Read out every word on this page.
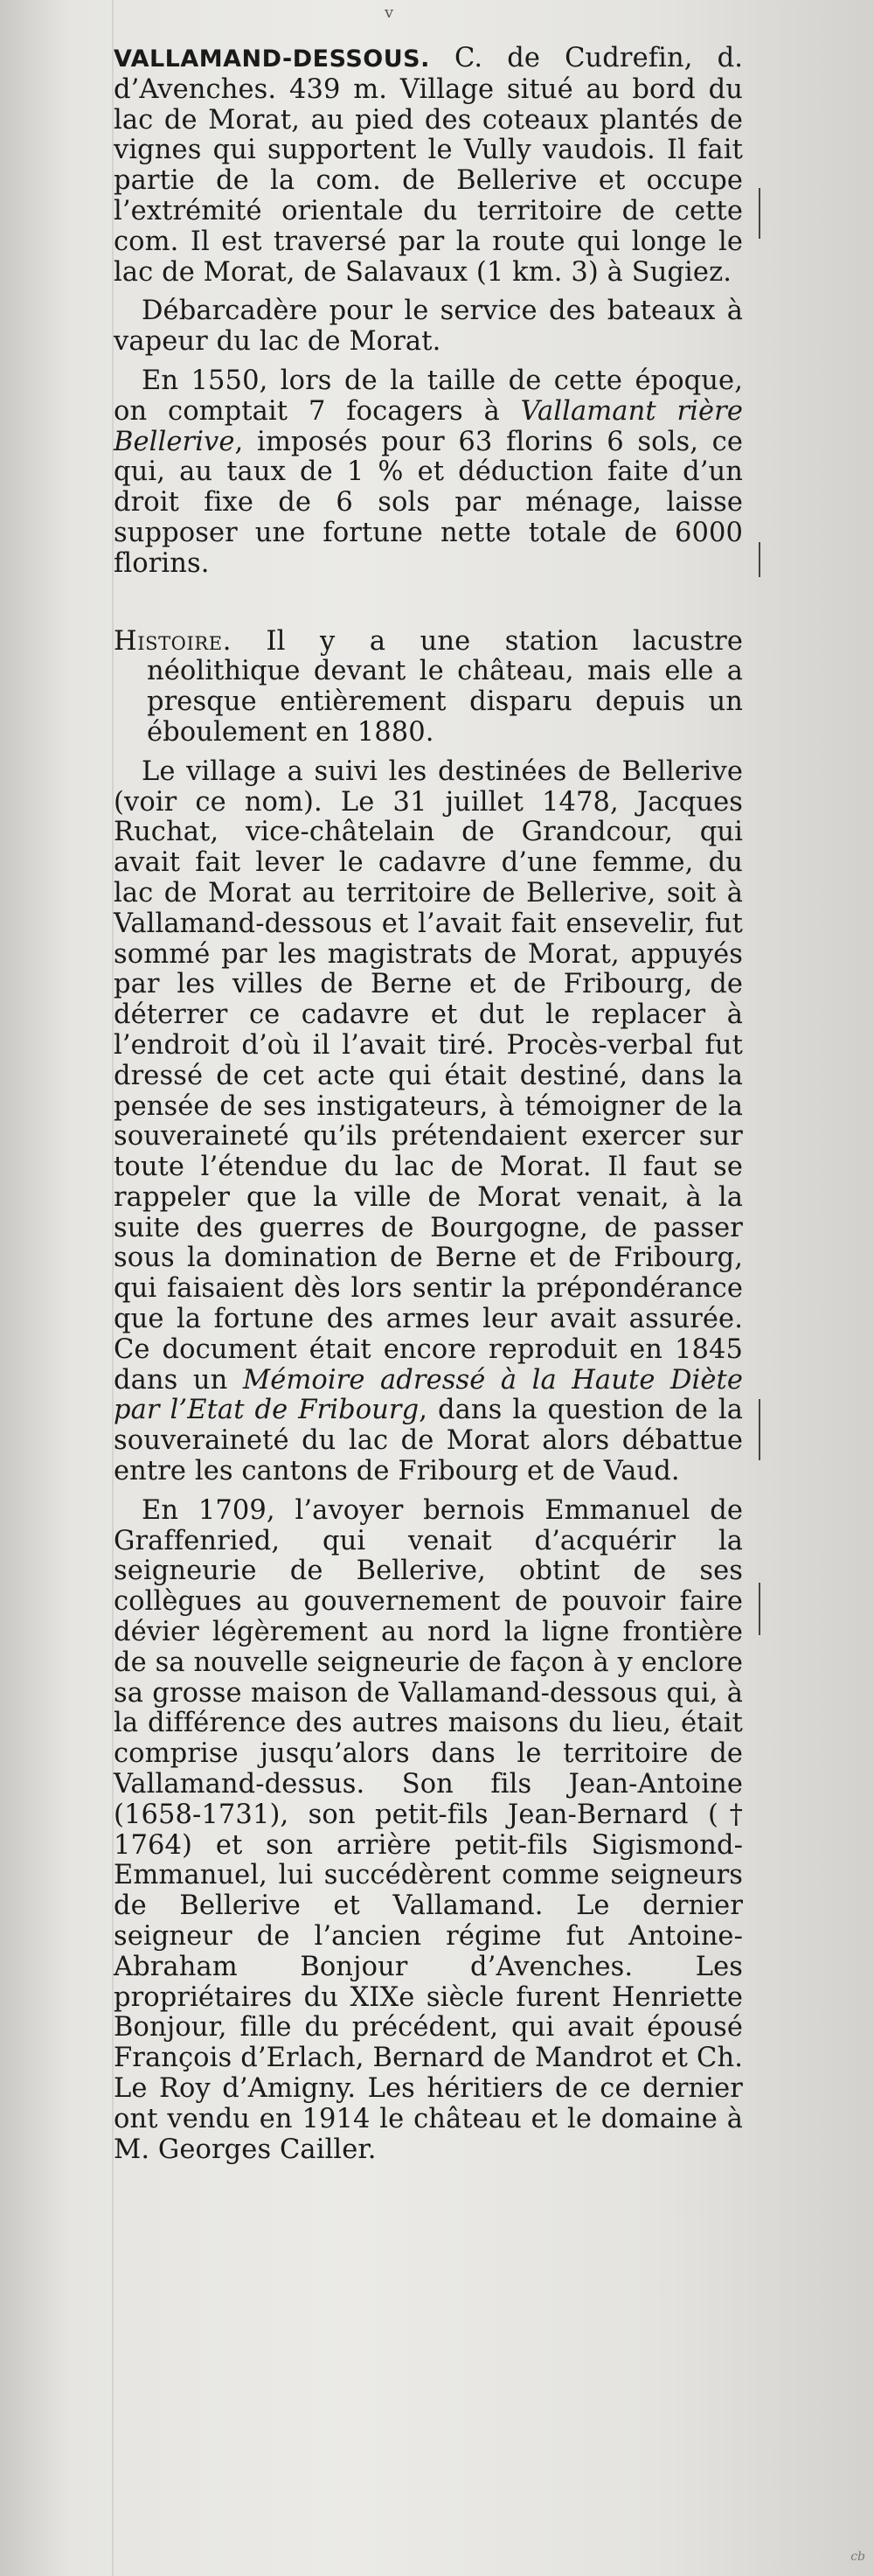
v

VALLAMAND-DESSOUS. C. de Cudrefin, d. d’Avenches. 439 m. Village situé au bord du lac de Morat, au pied des coteaux plantés de vignes qui supportent le Vully vaudois. Il fait partie de la com. de Bellerive et occupe l’extrémité orientale du territoire de cette com. Il est traversé par la route qui longe le lac de Morat, de Salavaux (1 km. 3) à Sugiez.

Débarcadère pour le service des bateaux à vapeur du lac de Morat.

En 1550, lors de la taille de cette époque, on comptait 7 focagers à Vallamant rière Bellerive, imposés pour 63 florins 6 sols, ce qui, au taux de 1 % et déduction faite d’un droit fixe de 6 sols par ménage, laisse supposer une fortune nette totale de 6000 florins.

Histoire. Il y a une station lacustre néolithique devant le château, mais elle a presque entièrement disparu depuis un éboulement en 1880.

Le village a suivi les destinées de Bellerive (voir ce nom). Le 31 juillet 1478, Jacques Ruchat, vice-châtelain de Grandcour, qui avait fait lever le cadavre d’une femme, du lac de Morat au territoire de Bellerive, soit à Vallamand-dessous et l’avait fait ensevelir, fut sommé par les magistrats de Morat, appuyés par les villes de Berne et de Fribourg, de déterrer ce cadavre et dut le replacer à l’endroit d’où il l’avait tiré. Procès-verbal fut dressé de cet acte qui était destiné, dans la pensée de ses instigateurs, à témoigner de la souveraineté qu’ils prétendaient exercer sur toute l’étendue du lac de Morat. Il faut se rappeler que la ville de Morat venait, à la suite des guerres de Bourgogne, de passer sous la domination de Berne et de Fribourg, qui faisaient dès lors sentir la prépondérance que la fortune des armes leur avait assurée. Ce document était encore reproduit en 1845 dans un Mémoire adressé à la Haute Diète par l’Etat de Fribourg, dans la question de la souveraineté du lac de Morat alors débattue entre les cantons de Fribourg et de Vaud.

En 1709, l’avoyer bernois Emmanuel de Graffenried, qui venait d’acquérir la seigneurie de Bellerive, obtint de ses collègues au gouvernement de pouvoir faire dévier légèrement au nord la ligne frontière de sa nouvelle seigneurie de façon à y enclore sa grosse maison de Vallamand-dessous qui, à la différence des autres maisons du lieu, était comprise jusqu’alors dans le territoire de Vallamand-dessus. Son fils Jean-Antoine (1658-1731), son petit-fils Jean-Bernard († 1764) et son arrière petit-fils Sigismond-Emmanuel, lui succédèrent comme seigneurs de Bellerive et Vallamand. Le dernier seigneur de l’ancien régime fut Antoine-Abraham Bonjour d’Avenches. Les propriétaires du XIXe siècle furent Henriette Bonjour, fille du précédent, qui avait épousé François d’Erlach, Bernard de Mandrot et Ch. Le Roy d’Amigny. Les héritiers de ce dernier ont vendu en 1914 le château et le domaine à M. Georges Cailler.

cb
